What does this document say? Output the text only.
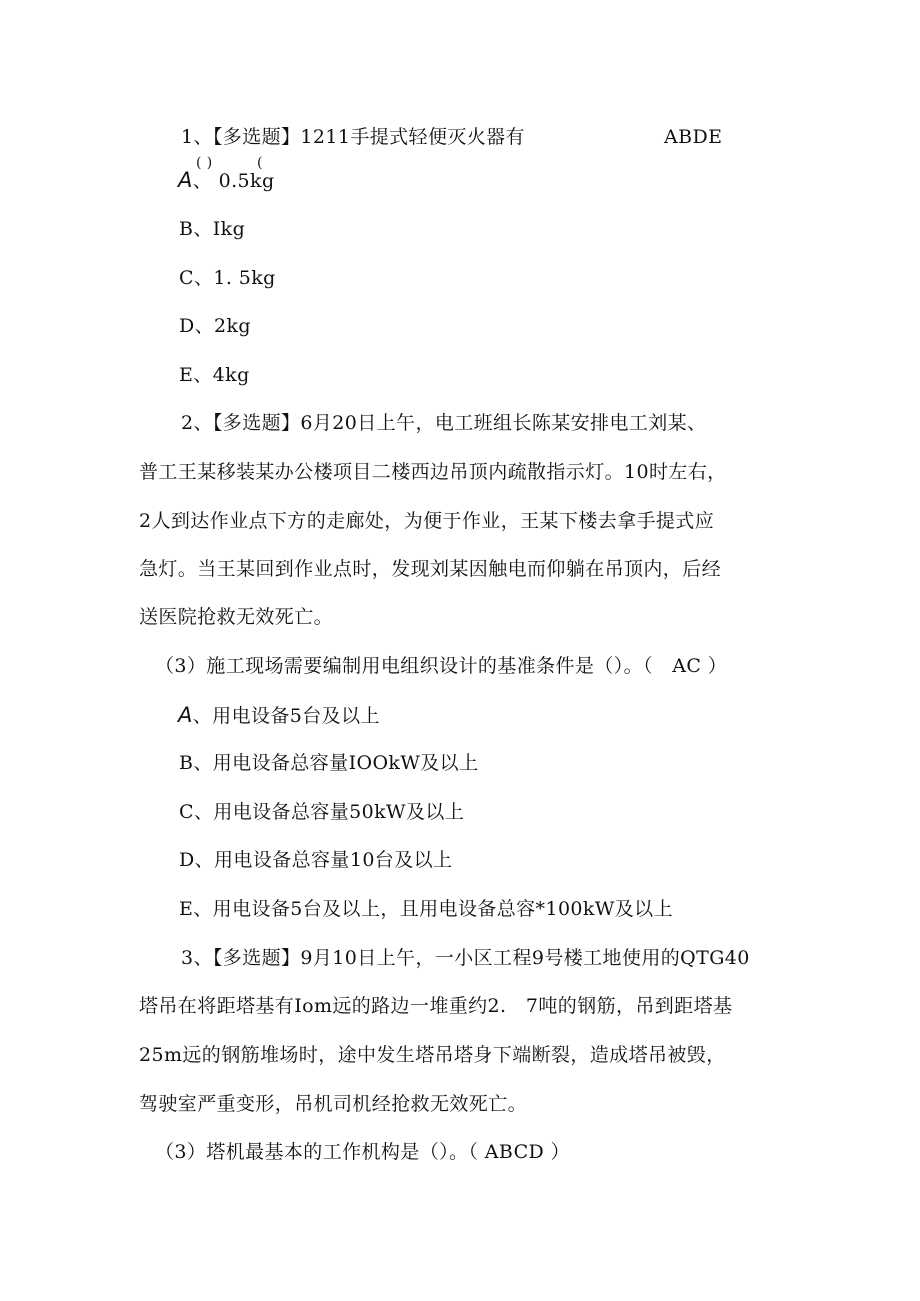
1、【多选题】1211手提式轻便灭火器有	ABDE

( )	(

A、 0.5kg

B、Ikg

C、1. 5kg

D、2kg

E、4kg

2、【多选题】6月20日上午，电工班组长陈某安排电工刘某、

普工王某移装某办公楼项目二楼西边吊顶内疏散指示灯。10时左右，

2人到达作业点下方的走廊处，为便于作业，王某下楼去拿手提式应

急灯。当王某回到作业点时，发现刘某因触电而仰躺在吊顶内，后经

送医院抢救无效死亡。

（3）施工现场需要编制用电组织设计的基准条件是（）。（　AC ）

A、用电设备5台及以上

B、用电设备总容量IOOkW及以上

C、用电设备总容量50kW及以上

D、用电设备总容量10台及以上

E、用电设备5台及以上，且用电设备总容*100kW及以上

3、【多选题】9月10日上午，一小区工程9号楼工地使用的QTG40

塔吊在将距塔基有Iom远的路边一堆重约2.　7吨的钢筋，吊到距塔基

25m远的钢筋堆场时，途中发生塔吊塔身下端断裂，造成塔吊被毁，

驾驶室严重变形，吊机司机经抢救无效死亡。

（3）塔机最基本的工作机构是（）。（ ABCD ）
